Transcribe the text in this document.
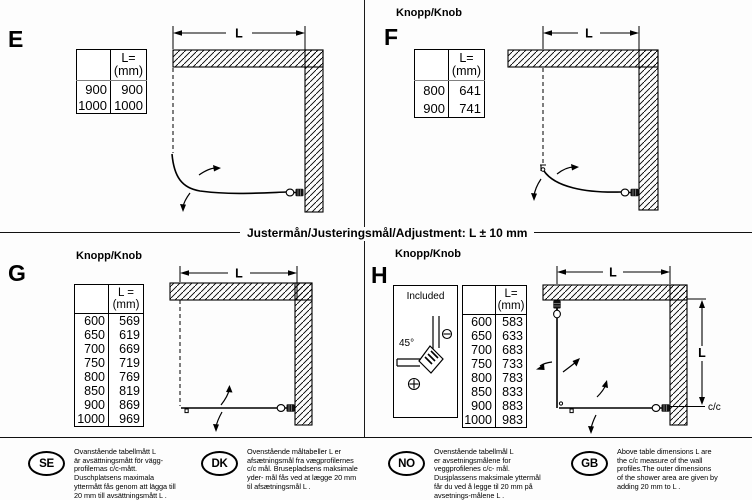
E
	L=
(mm)
900	900
1000	1000
L
Knopp/Knob
F
	L=
(mm)
800	641
900	741
L
Justermån/Justeringsmål/Adjustment: L ± 10 mm
Knopp/Knob
G
	L =
(mm)
600	569
650	619
700	669
750	719
800	769
850	819
900	869
1000	969
L
Knopp/Knob
H
Included
45°
	L=
(mm)
600	583
650	633
700	683
750	733
800	783
850	833
900	883
1000	983
L
L
c/c
SE
Ovanstående tabellmått L
är avsättningsmått för vägg-
profilernas c/c-mått.
Duschplatsens maximala
yttermått fås genom att lägga till
20 mm till avsättningsmått L .
DK
Ovenstående måltabeller L er
afsætningsmål fra vægprofilernes
c/c mål. Brusepladsens maksimale
yder- mål fås ved at lægge 20 mm
til afsætningsmål L .
NO
Ovenstående tabellmål L
er avsetningsmålene for
veggprofilenes c/c- mål.
Dusjplassens maksimale yttermål
får du ved å legge til 20 mm på
avsetnings-målene L .
GB
Above table dimensions L are
the c/c measure of the wall
profiles.The outer dimensions
of the shower area are given by
adding 20 mm to L .
